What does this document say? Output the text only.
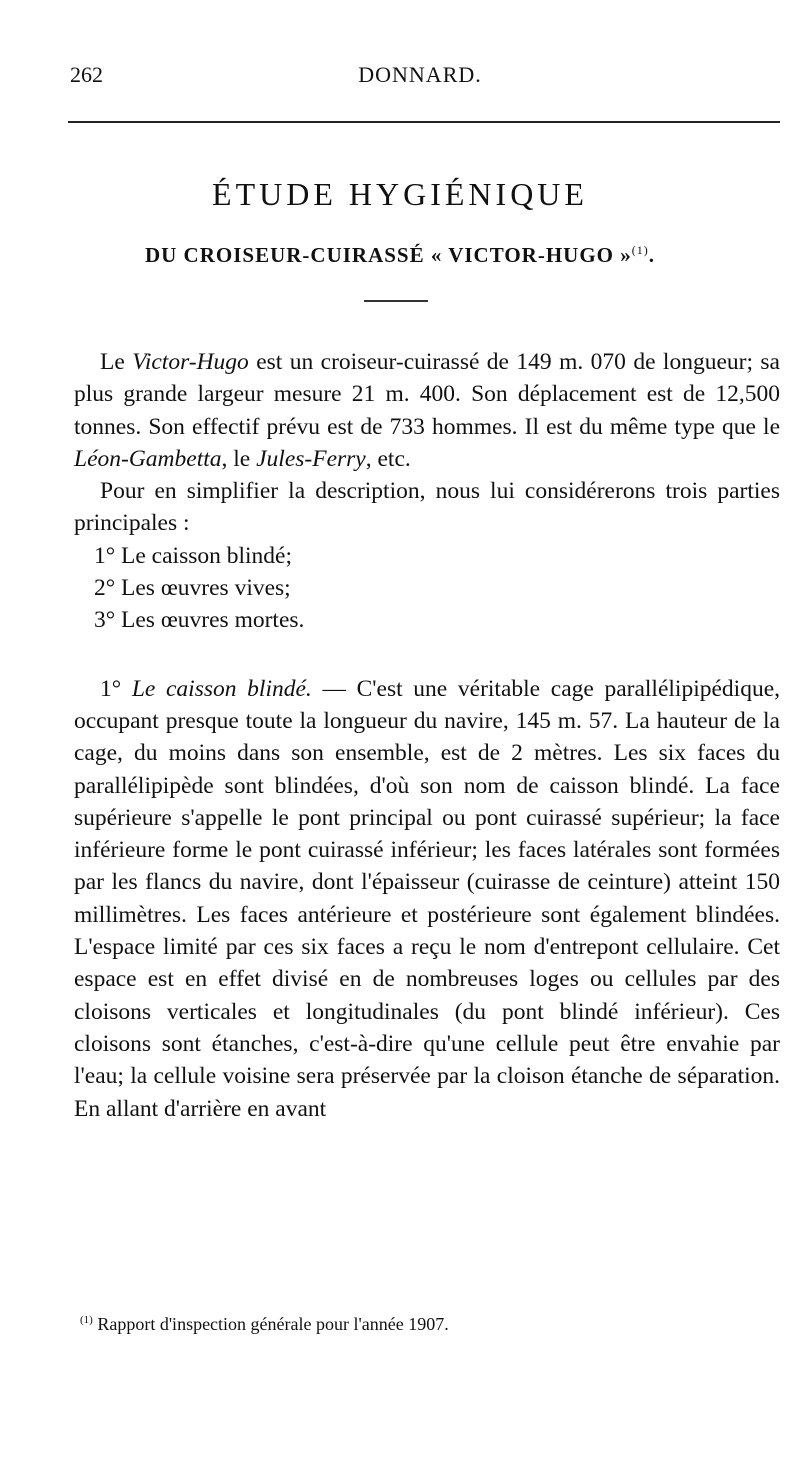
262	DONNARD.
ÉTUDE HYGIÉNIQUE
DU CROISEUR-CUIRASSÉ « VICTOR-HUGO »$^{(1)}$.

Le Victor-Hugo est un croiseur-cuirassé de 149 m. 070 de longueur; sa plus grande largeur mesure 21 m. 400. Son déplacement est de 12,500 tonnes. Son effectif prévu est de 733 hommes. Il est du même type que le Léon-Gambetta, le Jules-Ferry, etc.

Pour en simplifier la description, nous lui considérerons trois parties principales :

1° Le caisson blindé;

2° Les œuvres vives;

3° Les œuvres mortes.

1° Le caisson blindé. — C'est une véritable cage parallélipipédique, occupant presque toute la longueur du navire, 145 m. 57. La hauteur de la cage, du moins dans son ensemble, est de 2 mètres. Les six faces du parallélipipède sont blindées, d'où son nom de caisson blindé. La face supérieure s'appelle le pont principal ou pont cuirassé supérieur; la face inférieure forme le pont cuirassé inférieur; les faces latérales sont formées par les flancs du navire, dont l'épaisseur (cuirasse de ceinture) atteint 150 millimètres. Les faces antérieure et postérieure sont également blindées. L'espace limité par ces six faces a reçu le nom d'entrepont cellulaire. Cet espace est en effet divisé en de nombreuses loges ou cellules par des cloisons verticales et longitudinales (du pont blindé inférieur). Ces cloisons sont étanches, c'est-à-dire qu'une cellule peut être envahie par l'eau; la cellule voisine sera préservée par la cloison étanche de séparation. En allant d'arrière en avant

$^{(1)}$ Rapport d'inspection générale pour l'année 1907.
